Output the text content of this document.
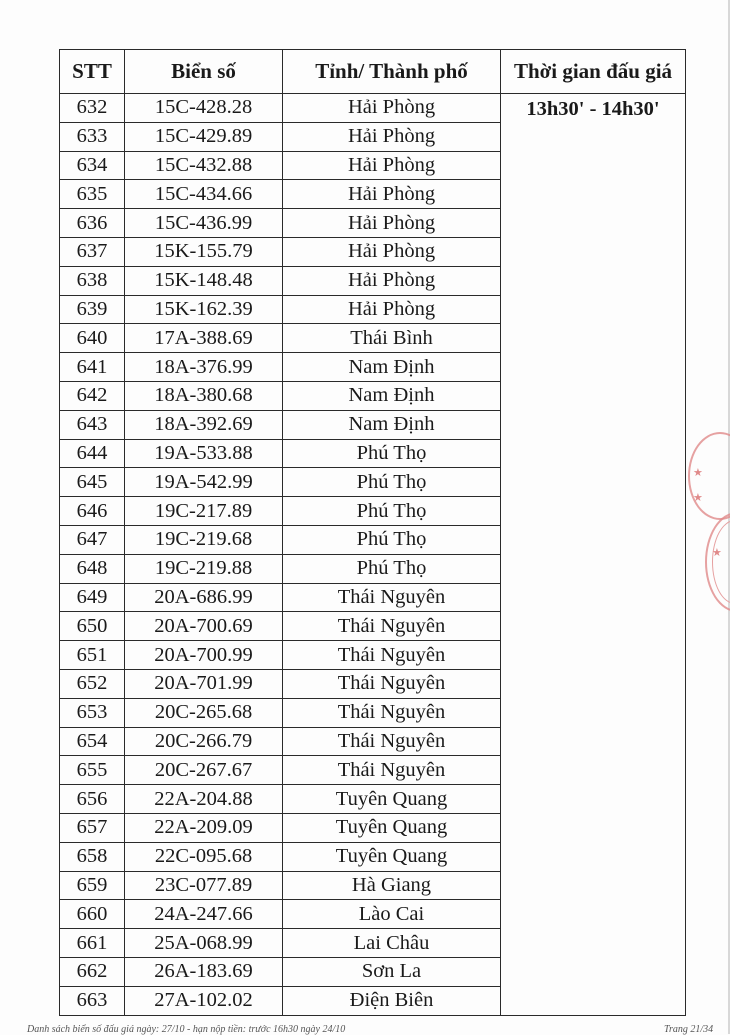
STT	Biển số	Tỉnh/ Thành phố	Thời gian đấu giá
632	15C-428.28	Hải Phòng	13h30' - 14h30'
633	15C-429.89	Hải Phòng	
634	15C-432.88	Hải Phòng	
635	15C-434.66	Hải Phòng	
636	15C-436.99	Hải Phòng	
637	15K-155.79	Hải Phòng	
638	15K-148.48	Hải Phòng	
639	15K-162.39	Hải Phòng	
640	17A-388.69	Thái Bình	
641	18A-376.99	Nam Định	
642	18A-380.68	Nam Định	
643	18A-392.69	Nam Định	
644	19A-533.88	Phú Thọ	
645	19A-542.99	Phú Thọ	
646	19C-217.89	Phú Thọ	
647	19C-219.68	Phú Thọ	
648	19C-219.88	Phú Thọ	
649	20A-686.99	Thái Nguyên	
650	20A-700.69	Thái Nguyên	
651	20A-700.99	Thái Nguyên	
652	20A-701.99	Thái Nguyên	
653	20C-265.68	Thái Nguyên	
654	20C-266.79	Thái Nguyên	
655	20C-267.67	Thái Nguyên	
656	22A-204.88	Tuyên Quang	
657	22A-209.09	Tuyên Quang	
658	22C-095.68	Tuyên Quang	
659	23C-077.89	Hà Giang	
660	24A-247.66	Lào Cai	
661	25A-068.99	Lai Châu	
662	26A-183.69	Sơn La	
663	27A-102.02	Điện Biên	
★
★
★
Danh sách biển số đấu giá ngày: 27/10 - hạn nộp tiền: trước 16h30 ngày 24/10	Trang 21/34
